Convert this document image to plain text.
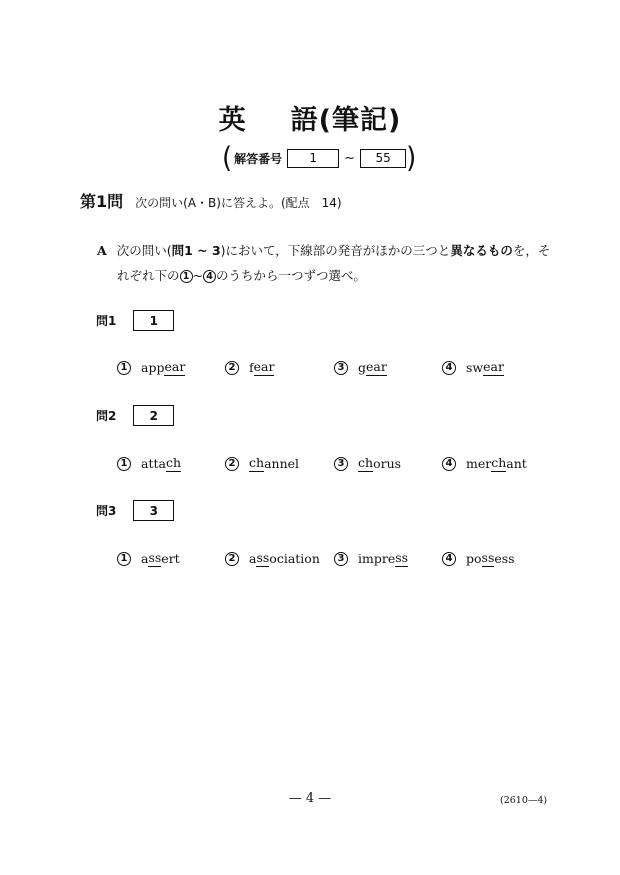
英 語(筆記)
( 解答番号	1	~	55 )
第1問 次の問い(A・B)に答えよ。(配点　14)
A 次の問い(問1 ~ 3)において，下線部の発音がほかの三つと異なるものを，そ
れぞれ下の 1 ~ 4 のうちから一つずつ選べ。
問1	1
1 app ear	2 f ear	3 g ear	4 sw ear
問2	2
1 atta ch	2 ch annel	3 ch orus	4 mer ch ant
問3	3
1 a ss ert	2 a ss ociation	3 impre ss	4 po ss ess
— 4 —	(2610—4)
